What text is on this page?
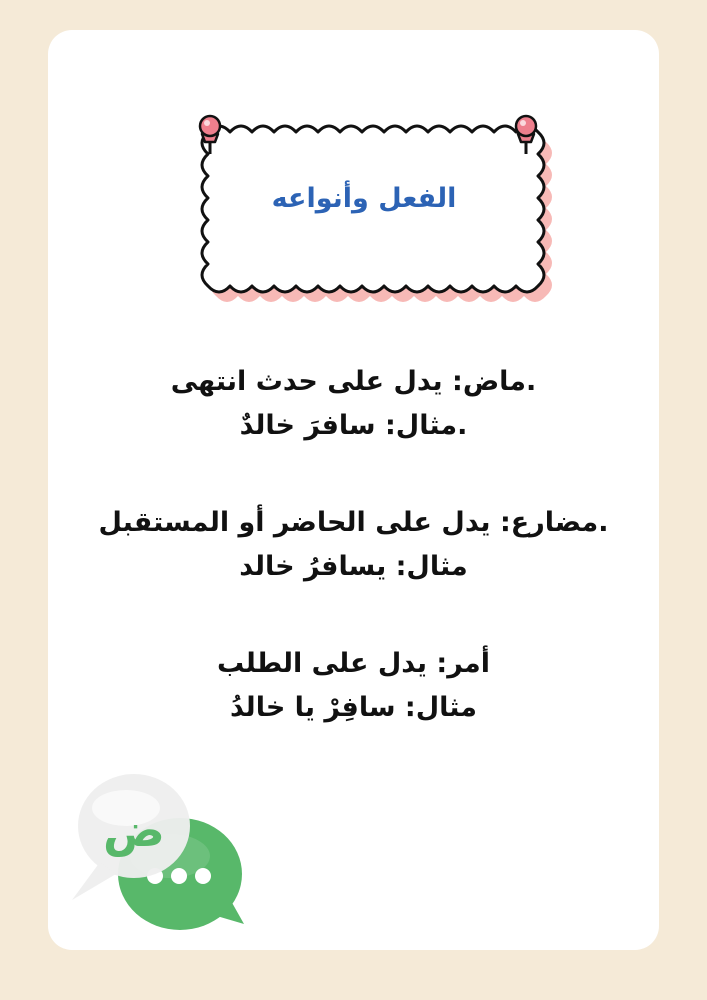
الفعل وأنواعه
.ماض: يدل على حدث انتهى
.مثال: سافرَ خالدٌ
.مضارع: يدل على الحاضر أو المستقبل
مثال: يسافرُ خالد
أمر: يدل على الطلب
مثال: سافِرْ يا خالدُ
ض
